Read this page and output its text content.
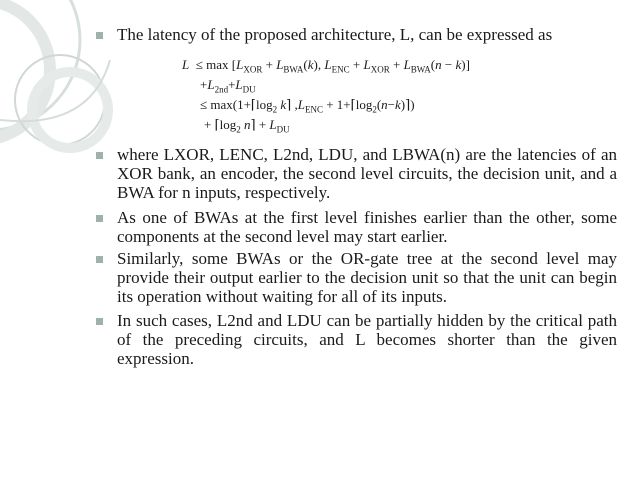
The latency of the proposed architecture, L, can be expressed as
$L \le \max [L_{XOR} + L_{BWA}(k)$, $L_{ENC} + L_{XOR} + L_{BWA}(n - k)$]
$+L_{2nd}+L_{DU}$
≤ $\max(1+⌈\log_2$ k⌉ $,L_{ENC}$ + $1+⌈\log_2(n-k)⌉$)
+ $⌈\log_2$ n⌉ + $L_{DU}$
where LXOR, LENC, L2nd, LDU, and LBWA(n) are the latencies of an XOR bank, an encoder, the second level circuits, the decision unit, and a BWA for n inputs, respectively.
As one of BWAs at the first level finishes earlier than the other, some components at the second level may start earlier.
Similarly, some BWAs or the OR-gate tree at the second level may provide their output earlier to the decision unit so that the unit can begin its operation without waiting for all of its inputs.
In such cases, L2nd and LDU can be partially hidden by the critical path of the preceding circuits, and L becomes shorter than the given expression.
